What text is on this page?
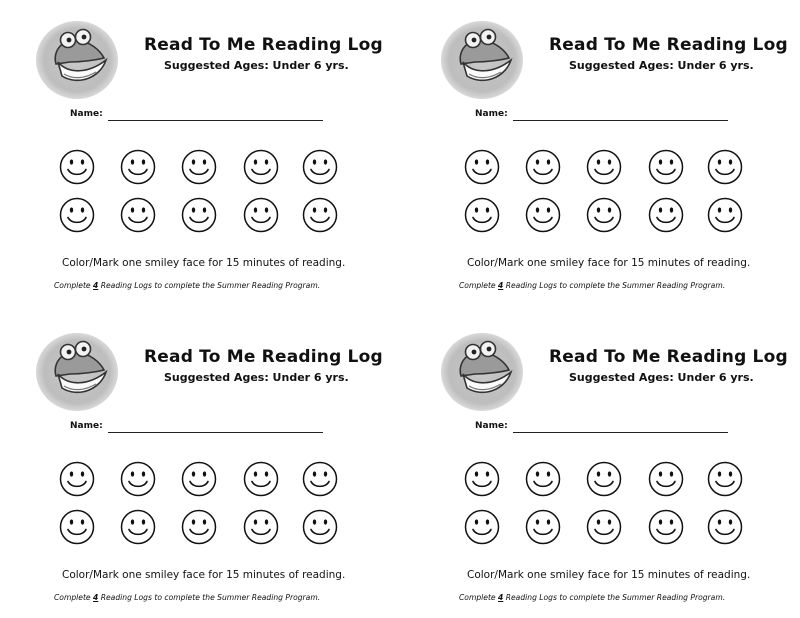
Read To Me Reading Log
Suggested Ages: Under 6 yrs.
Name:
Color/Mark one smiley face for 15 minutes of reading.
Complete 4 Reading Logs to complete the Summer Reading Program.
Read To Me Reading Log
Suggested Ages: Under 6 yrs.
Name:
Color/Mark one smiley face for 15 minutes of reading.
Complete 4 Reading Logs to complete the Summer Reading Program.
Read To Me Reading Log
Suggested Ages: Under 6 yrs.
Name:
Color/Mark one smiley face for 15 minutes of reading.
Complete 4 Reading Logs to complete the Summer Reading Program.
Read To Me Reading Log
Suggested Ages: Under 6 yrs.
Name:
Color/Mark one smiley face for 15 minutes of reading.
Complete 4 Reading Logs to complete the Summer Reading Program.
